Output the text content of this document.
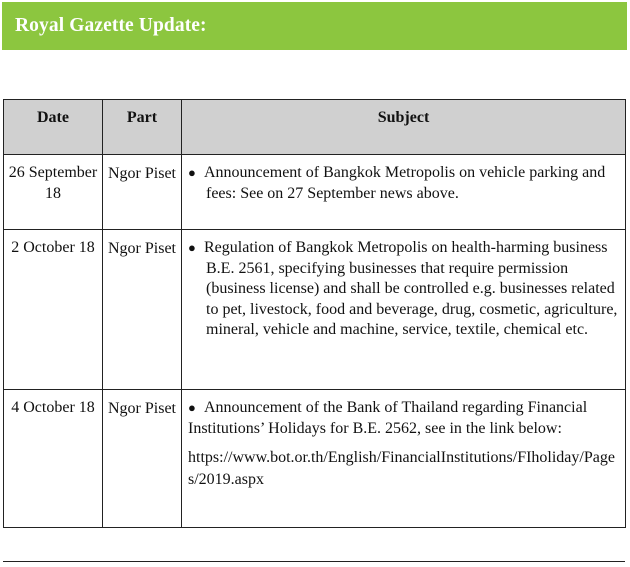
Royal Gazette Update:
Date	Part	Subject
26 September 18	Ngor Piset	● Announcement of Bangkok Metropolis on vehicle parking and fees: See on 27 September news above.

2 October 18	Ngor Piset	● Regulation of Bangkok Metropolis on health-harming business B.E. 2561, specifying businesses that require permission (business license) and shall be controlled e.g. businesses related to pet, livestock, food and beverage, drug, cosmetic, agriculture, mineral, vehicle and machine, service, textile, chemical etc.

4 October 18	Ngor Piset	● Announcement of the Bank of Thailand regarding Financial Institutions’ Holidays for B.E. 2562, see in the link below:
https://www.bot.or.th/English/FinancialInstitutions/FIholiday/Pages/2019.aspx
